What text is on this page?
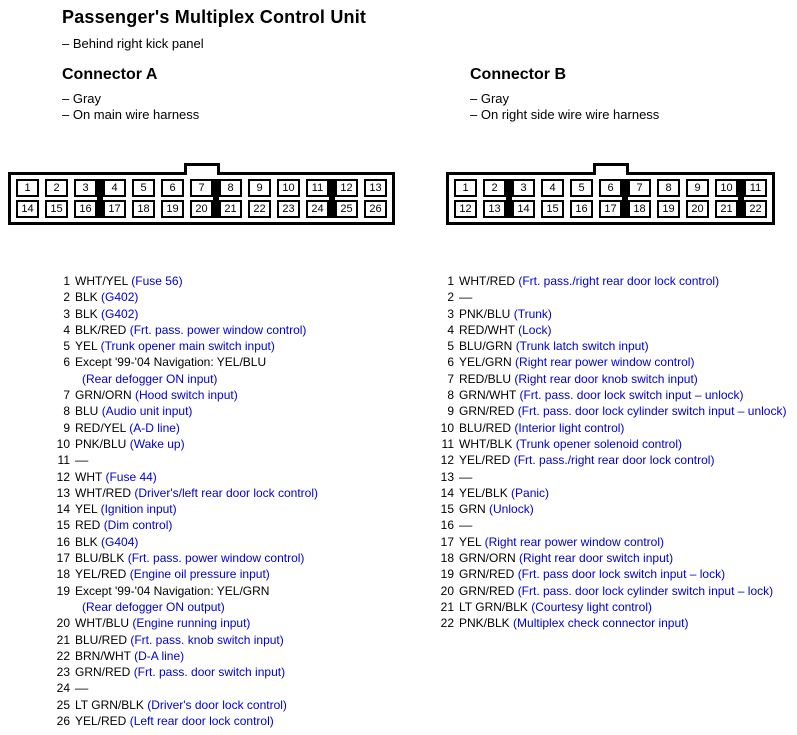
Passenger's Multiplex Control Unit
– Behind right kick panel
Connector A
– Gray
– On main wire harness
Connector B
– Gray
– On right side wire wire harness
1	2	3	4	5	6	7	8	9	10	11	12	13
14	15	16	17	18	19	20	21	22	23	24	25	26
1	2	3	4	5	6	7	8	9	10	11
12	13	14	15	16	17	18	19	20	21	22
1 WHT/YEL (Fuse 56)
2 BLK (G402)
3 BLK (G402)
4 BLK/RED (Frt. pass. power window control)
5 YEL (Trunk opener main switch input)
6 Except '99-'04 Navigation: YEL/BLU
(Rear defogger ON input)
7 GRN/ORN (Hood switch input)
8 BLU (Audio unit input)
9 RED/YEL (A-D line)
10 PNK/BLU (Wake up)
11 ––
12 WHT (Fuse 44)
13 WHT/RED (Driver's/left rear door lock control)
14 YEL (Ignition input)
15 RED (Dim control)
16 BLK (G404)
17 BLU/BLK (Frt. pass. power window control)
18 YEL/RED (Engine oil pressure input)
19 Except '99-'04 Navigation: YEL/GRN
(Rear defogger ON output)
20 WHT/BLU (Engine running input)
21 BLU/RED (Frt. pass. knob switch input)
22 BRN/WHT (D-A line)
23 GRN/RED (Frt. pass. door switch input)
24 ––
25 LT GRN/BLK (Driver's door lock control)
26 YEL/RED (Left rear door lock control)
1 WHT/RED (Frt. pass./right rear door lock control)
2 ––
3 PNK/BLU (Trunk)
4 RED/WHT (Lock)
5 BLU/GRN (Trunk latch switch input)
6 YEL/GRN (Right rear power window control)
7 RED/BLU (Right rear door knob switch input)
8 GRN/WHT (Frt. pass. door lock switch input – unlock)
9 GRN/RED (Frt. pass. door lock cylinder switch input – unlock)
10 BLU/RED (Interior light control)
11 WHT/BLK (Trunk opener solenoid control)
12 YEL/RED (Frt. pass./right rear door lock control)
13 ––
14 YEL/BLK (Panic)
15 GRN (Unlock)
16 ––
17 YEL (Right rear power window control)
18 GRN/ORN (Right rear door switch input)
19 GRN/RED (Frt. pass door lock switch input – lock)
20 GRN/RED (Frt. pass. door lock cylinder switch input – lock)
21 LT GRN/BLK (Courtesy light control)
22 PNK/BLK (Multiplex check connector input)
